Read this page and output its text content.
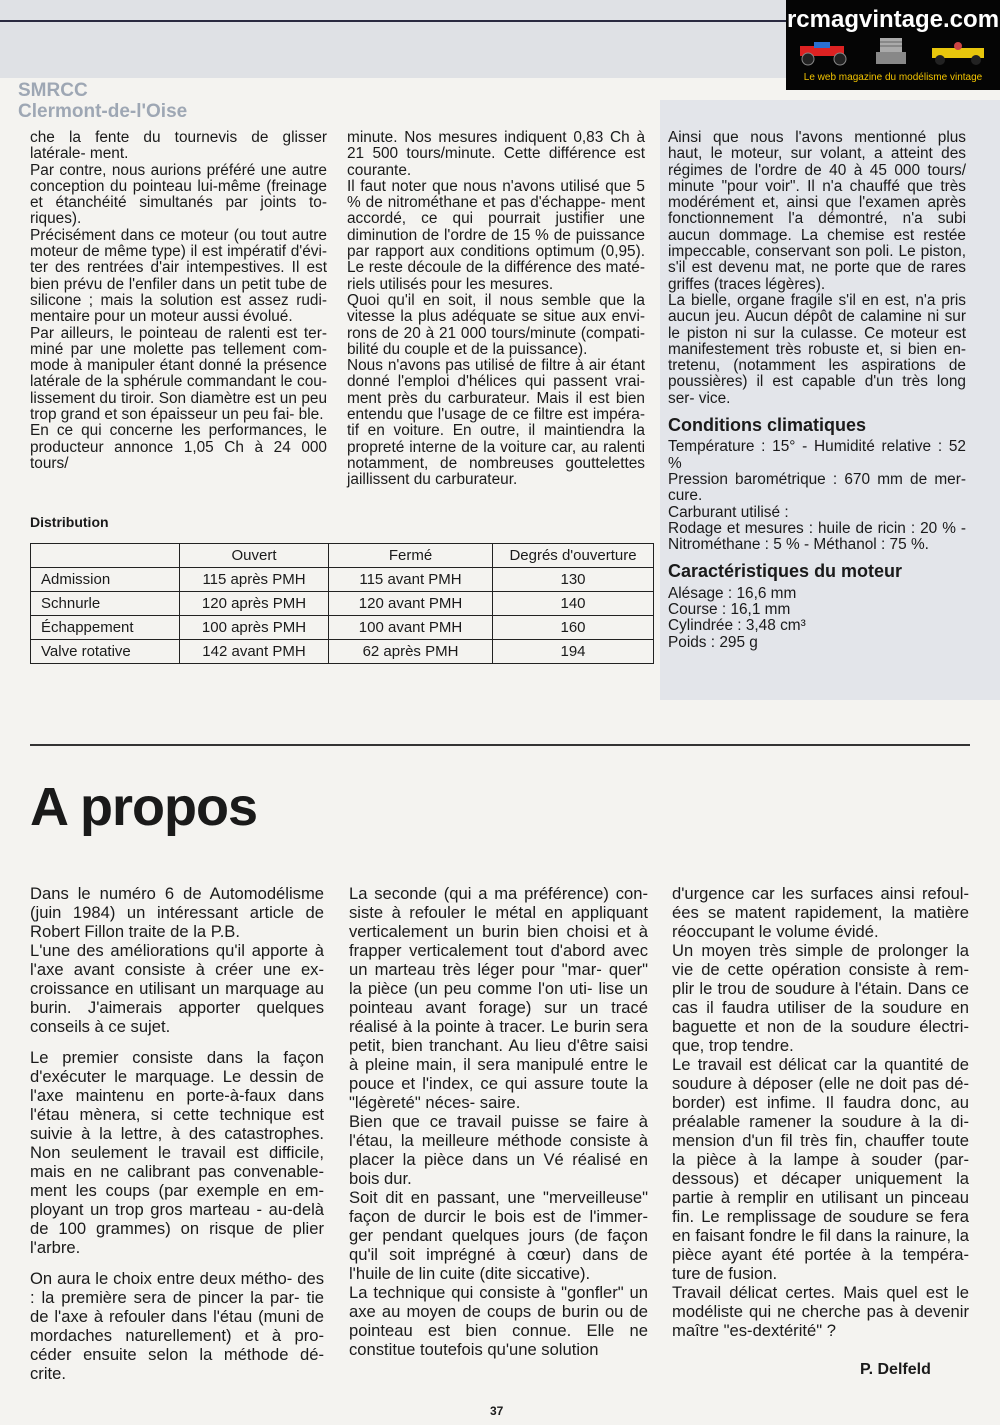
SMRCC
Clermont-de-l'Oise
rcmagvintage.com
Le web magazine du modélisme vintage

che la fente du tournevis de glisser latérale- ment.

Par contre, nous aurions préféré une autre conception du pointeau lui-même (freinage et étanchéité simultanés par joints to- riques).

Précisément dans ce moteur (ou tout autre moteur de même type) il est impératif d'évi- ter des rentrées d'air intempestives. Il est bien prévu de l'enfiler dans un petit tube de silicone ; mais la solution est assez rudi- mentaire pour un moteur aussi évolué.

Par ailleurs, le pointeau de ralenti est ter- miné par une molette pas tellement com- mode à manipuler étant donné la présence latérale de la sphérule commandant le cou- lissement du tiroir. Son diamètre est un peu trop grand et son épaisseur un peu fai- ble.

En ce qui concerne les performances, le producteur annonce 1,05 Ch à 24 000 tours/

minute. Nos mesures indiquent 0,83 Ch à 21 500 tours/minute. Cette différence est courante.

Il faut noter que nous n'avons utilisé que 5 % de nitrométhane et pas d'échappe- ment accordé, ce qui pourrait justifier une diminution de l'ordre de 15 % de puissance par rapport aux conditions optimum (0,95). Le reste découle de la différence des maté- riels utilisés pour les mesures.

Quoi qu'il en soit, il nous semble que la vitesse la plus adéquate se situe aux envi- rons de 20 à 21 000 tours/minute (compati- bilité du couple et de la puissance).

Nous n'avons pas utilisé de filtre à air étant donné l'emploi d'hélices qui passent vrai- ment près du carburateur. Mais il est bien entendu que l'usage de ce filtre est impéra- tif en voiture. En outre, il maintiendra la propreté interne de la voiture car, au ralenti notamment, de nombreuses gouttelettes jaillissent du carburateur.

Ainsi que nous l'avons mentionné plus haut, le moteur, sur volant, a atteint des régimes de l'ordre de 40 à 45 000 tours/ minute "pour voir". Il n'a chauffé que très modérément et, ainsi que l'examen après fonctionnement l'a démontré, n'a subi aucun dommage. La chemise est restée impeccable, conservant son poli. Le piston, s'il est devenu mat, ne porte que de rares griffes (traces légères).

La bielle, organe fragile s'il en est, n'a pris aucun jeu. Aucun dépôt de calamine ni sur le piston ni sur la culasse. Ce moteur est manifestement très robuste et, si bien en- tretenu, (notamment les aspirations de poussières) il est capable d'un très long ser- vice.

Conditions climatiques

Température : 15° - Humidité relative : 52 %

Pression barométrique : 670 mm de mer- cure.

Carburant utilisé :

Rodage et mesures : huile de ricin : 20 % - Nitrométhane : 5 % - Méthanol : 75 %.

Caractéristiques du moteur

Alésage : 16,6 mm

Course : 16,1 mm

Cylindrée : 3,48 cm³

Poids : 295 g

Distribution
	Ouvert	Fermé	Degrés d'ouverture
Admission	115 après PMH	115 avant PMH	130
Schnurle	120 après PMH	120 avant PMH	140
Échappement	100 après PMH	100 avant PMH	160
Valve rotative	142 avant PMH	62 après PMH	194
A propos

Dans le numéro 6 de Automodélisme (juin 1984) un intéressant article de Robert Fillon traite de la P.B.

L'une des améliorations qu'il apporte à l'axe avant consiste à créer une ex- croissance en utilisant un marquage au burin. J'aimerais apporter quelques conseils à ce sujet.

Le premier consiste dans la façon d'exécuter le marquage. Le dessin de l'axe maintenu en porte-à-faux dans l'étau mènera, si cette technique est suivie à la lettre, à des catastrophes. Non seulement le travail est difficile, mais en ne calibrant pas convenable- ment les coups (par exemple en em- ployant un trop gros marteau - au-delà de 100 grammes) on risque de plier l'arbre.

On aura le choix entre deux métho- des : la première sera de pincer la par- tie de l'axe à refouler dans l'étau (muni de mordaches naturellement) et à pro- céder ensuite selon la méthode dé- crite.

La seconde (qui a ma préférence) con- siste à refouler le métal en appliquant verticalement un burin bien choisi et à frapper verticalement tout d'abord avec un marteau très léger pour "mar- quer" la pièce (un peu comme l'on uti- lise un pointeau avant forage) sur un tracé réalisé à la pointe à tracer. Le burin sera petit, bien tranchant. Au lieu d'être saisi à pleine main, il sera manipulé entre le pouce et l'index, ce qui assure toute la "légèreté" néces- saire.

Bien que ce travail puisse se faire à l'étau, la meilleure méthode consiste à placer la pièce dans un Vé réalisé en bois dur.

Soit dit en passant, une "merveilleuse" façon de durcir le bois est de l'immer- ger pendant quelques jours (de façon qu'il soit imprégné à cœur) dans de l'huile de lin cuite (dite siccative).

La technique qui consiste à "gonfler" un axe au moyen de coups de burin ou de pointeau est bien connue. Elle ne constitue toutefois qu'une solution

d'urgence car les surfaces ainsi refoul- ées se matent rapidement, la matière réoccupant le volume évidé.

Un moyen très simple de prolonger la vie de cette opération consiste à rem- plir le trou de soudure à l'étain. Dans ce cas il faudra utiliser de la soudure en baguette et non de la soudure électri- que, trop tendre.

Le travail est délicat car la quantité de soudure à déposer (elle ne doit pas dé- border) est infime. Il faudra donc, au préalable ramener la soudure à la di- mension d'un fil très fin, chauffer toute la pièce à la lampe à souder (par- dessous) et décaper uniquement la partie à remplir en utilisant un pinceau fin. Le remplissage de soudure se fera en faisant fondre le fil dans la rainure, la pièce ayant été portée à la tempéra- ture de fusion.

Travail délicat certes. Mais quel est le modéliste qui ne cherche pas à devenir maître "es-dextérité" ?

P. Delfeld
37
